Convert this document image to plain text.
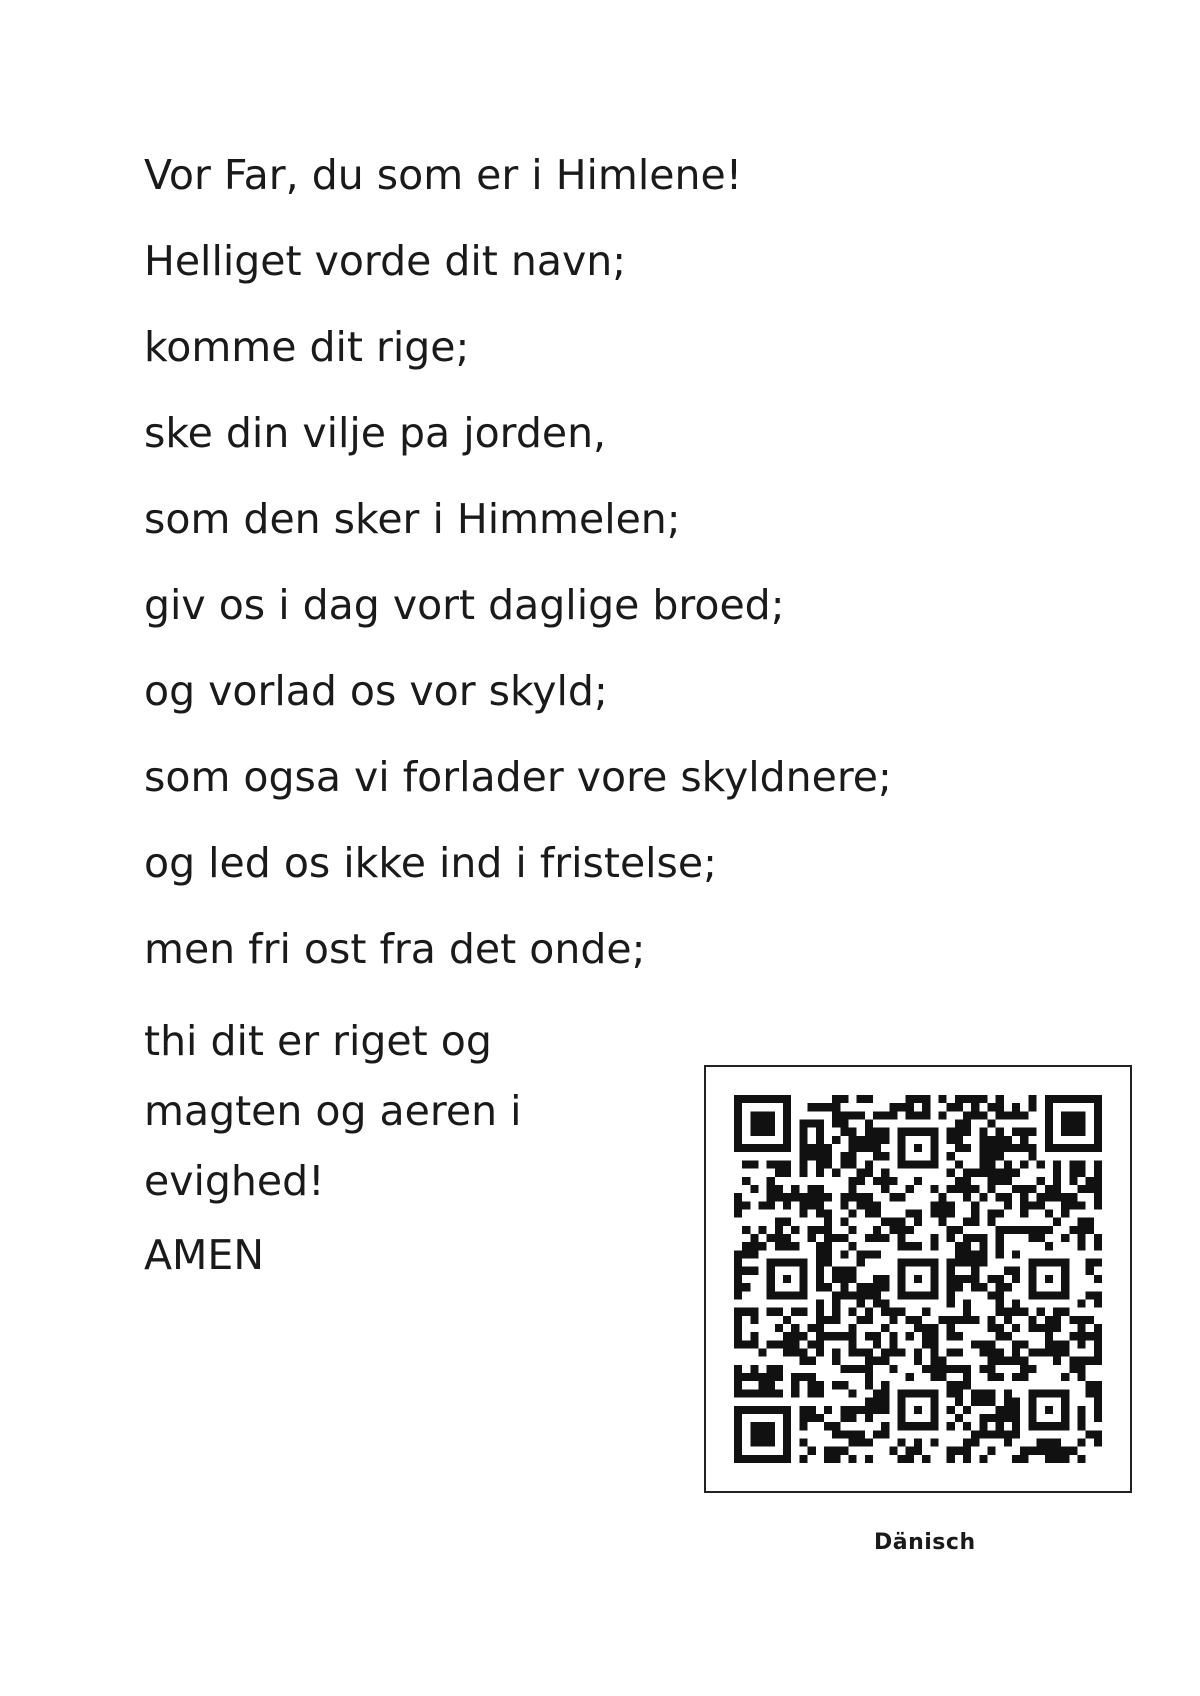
Vor Far, du som er i Himlene!
Helliget vorde dit navn;
komme dit rige;
ske din vilje pa jorden,
som den sker i Himmelen;
giv os i dag vort daglige broed;
og vorlad os vor skyld;
som ogsa vi forlader vore skyldnere;
og led os ikke ind i fristelse;
men fri ost fra det onde;
thi dit er riget og
magten og aeren i
evighed!
AMEN
Dänisch
